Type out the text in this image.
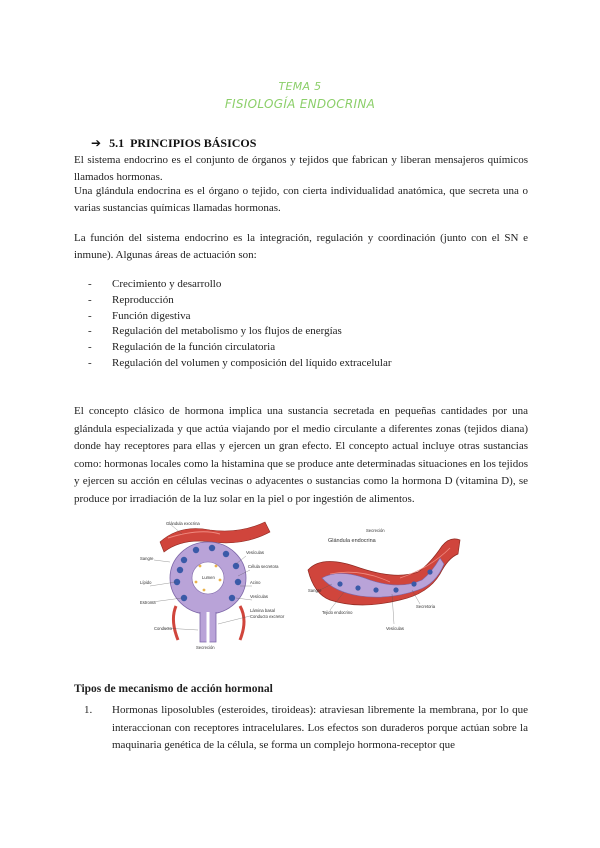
TEMA 5
FISIOLOGÍA ENDOCRINA
➔ 5.1 PRINCIPIOS BÁSICOS

El sistema endocrino es el conjunto de órganos y tejidos que fabrican y liberan mensajeros químicos llamados hormonas.

Una glándula endocrina es el órgano o tejido, con cierta individualidad anatómica, que secreta una o varias sustancias químicas llamadas hormonas.

La función del sistema endocrino es la integración, regulación y coordinación (junto con el SN e inmune). Algunas áreas de actuación son:

- Crecimiento y desarrollo
- Reproducción
- Función digestiva
- Regulación del metabolismo y los flujos de energías
- Regulación de la función circulatoria
- Regulación del volumen y composición del líquido extracelular

El concepto clásico de hormona implica una sustancia secretada en pequeñas cantidades por una glándula especializada y que actúa viajando por el medio circulante a diferentes zonas (tejidos diana) donde hay receptores para ellas y ejercen un gran efecto. El concepto actual incluye otras sustancias como: hormonas locales como la histamina que se produce ante determinadas situaciones en los tejidos y ejercen su acción en células vecinas o adyacentes o sustancias como la hormona D (vitamina D), se produce por irradiación de la luz solar en la piel o por ingestión de alimentos.

Glándula exocrina
Sangre
Vesículas
Célula secretora
Lípido	Acino
Estroma
Conducto
Secreción
Vesículas
Lumen
Lámina basal
Conducto excretor
Secreción
Glándula endocrina
Sangre
Tejido endocrino
Secretoria
Vesículas
Tipos de mecanismo de acción hormonal
1.	Hormonas liposolubles (esteroides, tiroideas): atraviesan libremente la membrana, por lo que interaccionan con receptores intracelulares. Los efectos son duraderos porque actúan sobre la maquinaria genética de la célula, se forma un complejo hormona-receptor que
